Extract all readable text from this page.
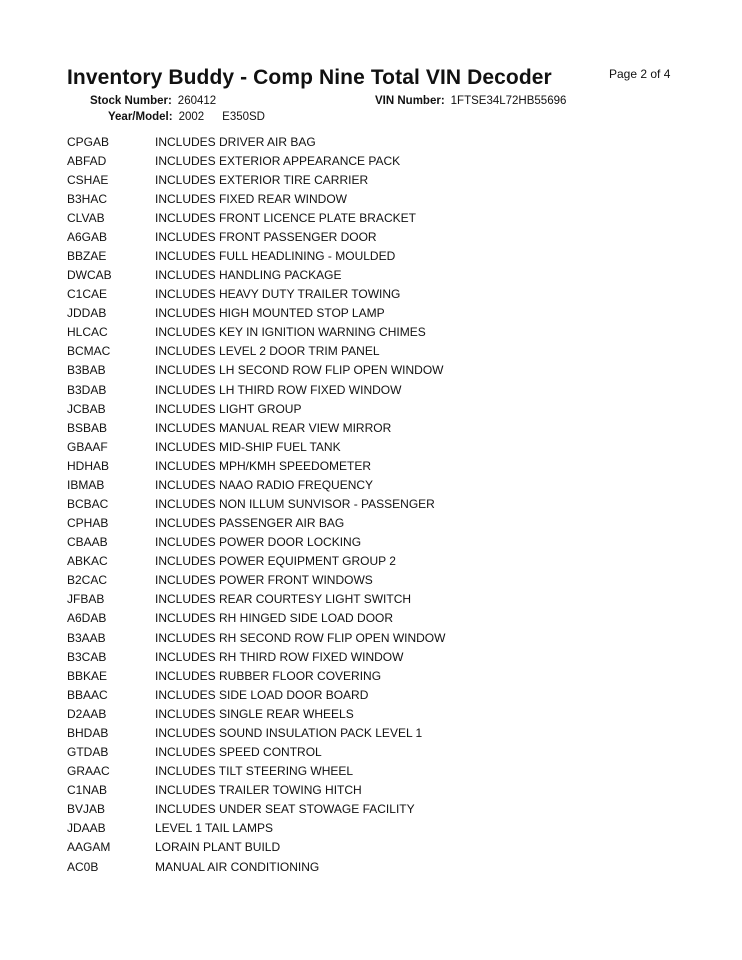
Inventory Buddy - Comp Nine Total VIN Decoder	Page 2 of 4
Stock Number: 260412	VIN Number: 1FTSE34L72HB55696
Year/Model: 2002 E350SD
CPGAB	INCLUDES DRIVER AIR BAG
ABFAD	INCLUDES EXTERIOR APPEARANCE PACK
CSHAE	INCLUDES EXTERIOR TIRE CARRIER
B3HAC	INCLUDES FIXED REAR WINDOW
CLVAB	INCLUDES FRONT LICENCE PLATE BRACKET
A6GAB	INCLUDES FRONT PASSENGER DOOR
BBZAE	INCLUDES FULL HEADLINING - MOULDED
DWCAB	INCLUDES HANDLING PACKAGE
C1CAE	INCLUDES HEAVY DUTY TRAILER TOWING
JDDAB	INCLUDES HIGH MOUNTED STOP LAMP
HLCAC	INCLUDES KEY IN IGNITION WARNING CHIMES
BCMAC	INCLUDES LEVEL 2 DOOR TRIM PANEL
B3BAB	INCLUDES LH SECOND ROW FLIP OPEN WINDOW
B3DAB	INCLUDES LH THIRD ROW FIXED WINDOW
JCBAB	INCLUDES LIGHT GROUP
BSBAB	INCLUDES MANUAL REAR VIEW MIRROR
GBAAF	INCLUDES MID-SHIP FUEL TANK
HDHAB	INCLUDES MPH/KMH SPEEDOMETER
IBMAB	INCLUDES NAAO RADIO FREQUENCY
BCBAC	INCLUDES NON ILLUM SUNVISOR - PASSENGER
CPHAB	INCLUDES PASSENGER AIR BAG
CBAAB	INCLUDES POWER DOOR LOCKING
ABKAC	INCLUDES POWER EQUIPMENT GROUP 2
B2CAC	INCLUDES POWER FRONT WINDOWS
JFBAB	INCLUDES REAR COURTESY LIGHT SWITCH
A6DAB	INCLUDES RH HINGED SIDE LOAD DOOR
B3AAB	INCLUDES RH SECOND ROW FLIP OPEN WINDOW
B3CAB	INCLUDES RH THIRD ROW FIXED WINDOW
BBKAE	INCLUDES RUBBER FLOOR COVERING
BBAAC	INCLUDES SIDE LOAD DOOR BOARD
D2AAB	INCLUDES SINGLE REAR WHEELS
BHDAB	INCLUDES SOUND INSULATION PACK LEVEL 1
GTDAB	INCLUDES SPEED CONTROL
GRAAC	INCLUDES TILT STEERING WHEEL
C1NAB	INCLUDES TRAILER TOWING HITCH
BVJAB	INCLUDES UNDER SEAT STOWAGE FACILITY
JDAAB	LEVEL 1 TAIL LAMPS
AAGAM	LORAIN PLANT BUILD
AC0B	MANUAL AIR CONDITIONING
